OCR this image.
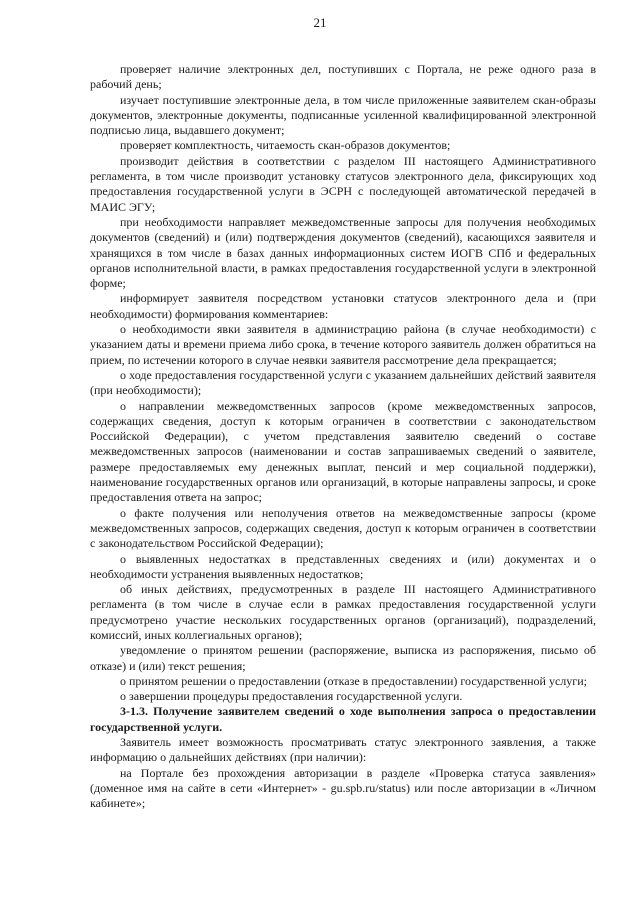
21

проверяет наличие электронных дел, поступивших с Портала, не реже одного раза в рабочий день;

изучает поступившие электронные дела, в том числе приложенные заявителем скан-образы документов, электронные документы, подписанные усиленной квалифицированной электронной подписью лица, выдавшего документ;

проверяет комплектность, читаемость скан-образов документов;

производит действия в соответствии с разделом III настоящего Административного регламента, в том числе производит установку статусов электронного дела, фиксирующих ход предоставления государственной услуги в ЭСРН с последующей автоматической передачей в МАИС ЭГУ;

при необходимости направляет межведомственные запросы для получения необходимых документов (сведений) и (или) подтверждения документов (сведений), касающихся заявителя и хранящихся в том числе в базах данных информационных систем ИОГВ СПб и федеральных органов исполнительной власти, в рамках предоставления государственной услуги в электронной форме;

информирует заявителя посредством установки статусов электронного дела и (при необходимости) формирования комментариев:

о необходимости явки заявителя в администрацию района (в случае необходимости) с указанием даты и времени приема либо срока, в течение которого заявитель должен обратиться на прием, по истечении которого в случае неявки заявителя рассмотрение дела прекращается;

о ходе предоставления государственной услуги с указанием дальнейших действий заявителя (при необходимости);

о направлении межведомственных запросов (кроме межведомственных запросов, содержащих сведения, доступ к которым ограничен в соответствии с законодательством Российской Федерации), с учетом представления заявителю сведений о составе межведомственных запросов (наименовании и состав запрашиваемых сведений о заявителе, размере предоставляемых ему денежных выплат, пенсий и мер социальной поддержки), наименование государственных органов или организаций, в которые направлены запросы, и сроке предоставления ответа на запрос;

о факте получения или неполучения ответов на межведомственные запросы (кроме межведомственных запросов, содержащих сведения, доступ к которым ограничен в соответствии с законодательством Российской Федерации);

о выявленных недостатках в представленных сведениях и (или) документах и о необходимости устранения выявленных недостатков;

об иных действиях, предусмотренных в разделе III настоящего Административного регламента (в том числе в случае если в рамках предоставления государственной услуги предусмотрено участие нескольких государственных органов (организаций), подразделений, комиссий, иных коллегиальных органов);

уведомление о принятом решении (распоряжение, выписка из распоряжения, письмо об отказе) и (или) текст решения;

о принятом решении о предоставлении (отказе в предоставлении) государственной услуги;

о завершении процедуры предоставления государственной услуги.

3-1.3. Получение заявителем сведений о ходе выполнения запроса о предоставлении государственной услуги.

Заявитель имеет возможность просматривать статус электронного заявления, а также информацию о дальнейших действиях (при наличии):

на Портале без прохождения авторизации в разделе «Проверка статуса заявления» (доменное имя на сайте в сети «Интернет» - gu.spb.ru/status) или после авторизации в «Личном кабинете»;
